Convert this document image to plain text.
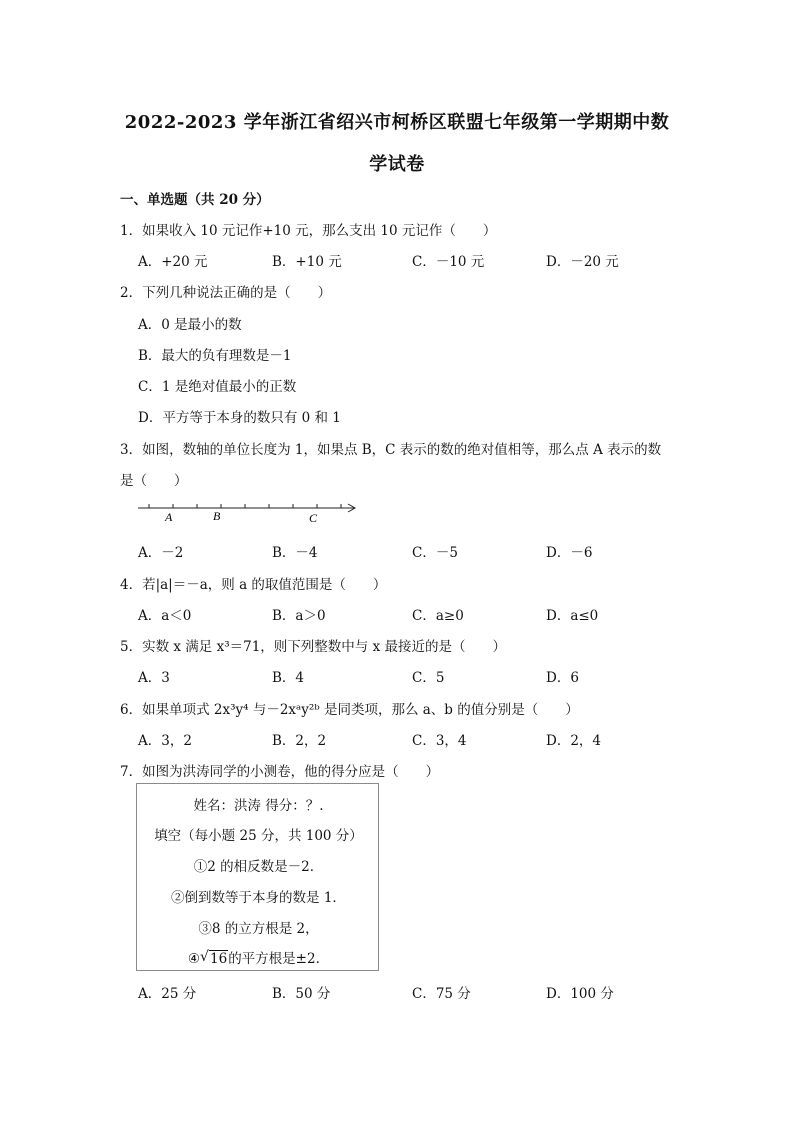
2022-2023 学年浙江省绍兴市柯桥区联盟七年级第一学期期中数
学试卷
一、单选题（共 20 分）
1．如果收入 10 元记作+10 元，那么支出 10 元记作（　　）
A．+20 元	B．+10 元	C．－10 元	D．－20 元
2．下列几种说法正确的是（　　）
A．0 是最小的数
B．最大的负有理数是－1
C．1 是绝对值最小的正数
D．平方等于本身的数只有 0 和 1
3．如图，数轴的单位长度为 1，如果点 B，C 表示的数的绝对值相等，那么点 A 表示的数
是（　　）
A	B	C
A．－2	B．－4	C．－5	D．－6
4．若|a|＝－a，则 a 的取值范围是（　　）
A．a＜0	B．a＞0	C．a≥0	D．a≤0
5．实数 x 满足 x³＝71，则下列整数中与 x 最接近的是（　　）
A．3	B．4	C．5	D．6
6．如果单项式 2x³y⁴ 与－2xᵃy²ᵇ 是同类项，那么 a、b 的值分别是（　　）
A．3，2	B．2，2	C．3，4	D．2，4
7．如图为洪涛同学的小测卷，他的得分应是（　　）
姓名：洪涛 得分：？.
填空（每小题 25 分，共 100 分）
①2 的相反数是－2．
②倒到数等于本身的数是 1．
③8 的立方根是 2，
④ √ 16的平方根是±2．
A．25 分	B．50 分	C．75 分	D．100 分
